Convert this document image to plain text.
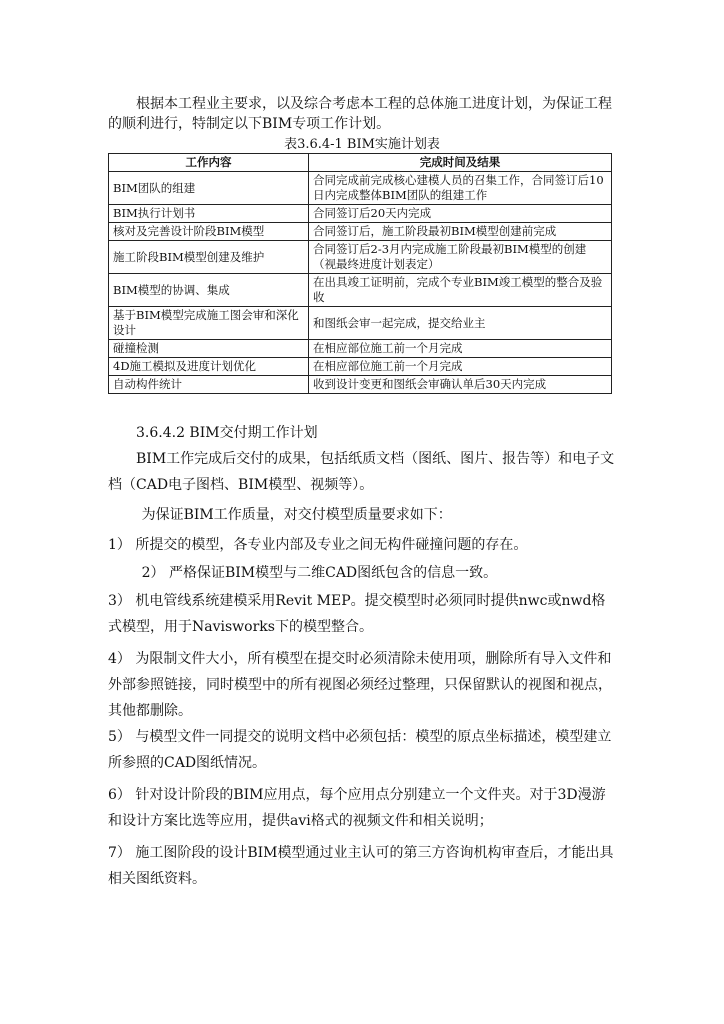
根据本工程业主要求，以及综合考虑本工程的总体施工进度计划，为保证工程的顺利进行，特制定以下BIM专项工作计划。

表3.6.4-1 BIM实施计划表
工作内容	完成时间及结果
BIM团队的组建	合同完成前完成核心建模人员的召集工作，合同签订后10日内完成整体BIM团队的组建工作
BIM执行计划书	合同签订后20天内完成
核对及完善设计阶段BIM模型	合同签订后，施工阶段最初BIM模型创建前完成
施工阶段BIM模型创建及维护	合同签订后2-3月内完成施工阶段最初BIM模型的创建（视最终进度计划表定）
BIM模型的协调、集成	在出具竣工证明前，完成个专业BIM竣工模型的整合及验收
基于BIM模型完成施工图会审和深化设计	和图纸会审一起完成，提交给业主
碰撞检测	在相应部位施工前一个月完成
4D施工模拟及进度计划优化	在相应部位施工前一个月完成
自动构件统计	收到设计变更和图纸会审确认单后30天内完成

3.6.4.2 BIM交付期工作计划

BIM工作完成后交付的成果，包括纸质文档（图纸、图片、报告等）和电子文档（CAD电子图档、BIM模型、视频等）。

为保证BIM工作质量，对交付模型质量要求如下：

1） 所提交的模型，各专业内部及专业之间无构件碰撞问题的存在。

2） 严格保证BIM模型与二维CAD图纸包含的信息一致。

3） 机电管线系统建模采用Revit MEP。提交模型时必须同时提供nwc或nwd格式模型，用于Navisworks下的模型整合。

4） 为限制文件大小，所有模型在提交时必须清除未使用项，删除所有导入文件和外部参照链接，同时模型中的所有视图必须经过整理，只保留默认的视图和视点，其他都删除。

5） 与模型文件一同提交的说明文档中必须包括：模型的原点坐标描述，模型建立所参照的CAD图纸情况。

6） 针对设计阶段的BIM应用点，每个应用点分别建立一个文件夹。对于3D漫游和设计方案比选等应用，提供avi格式的视频文件和相关说明；

7） 施工图阶段的设计BIM模型通过业主认可的第三方咨询机构审查后，才能出具相关图纸资料。
